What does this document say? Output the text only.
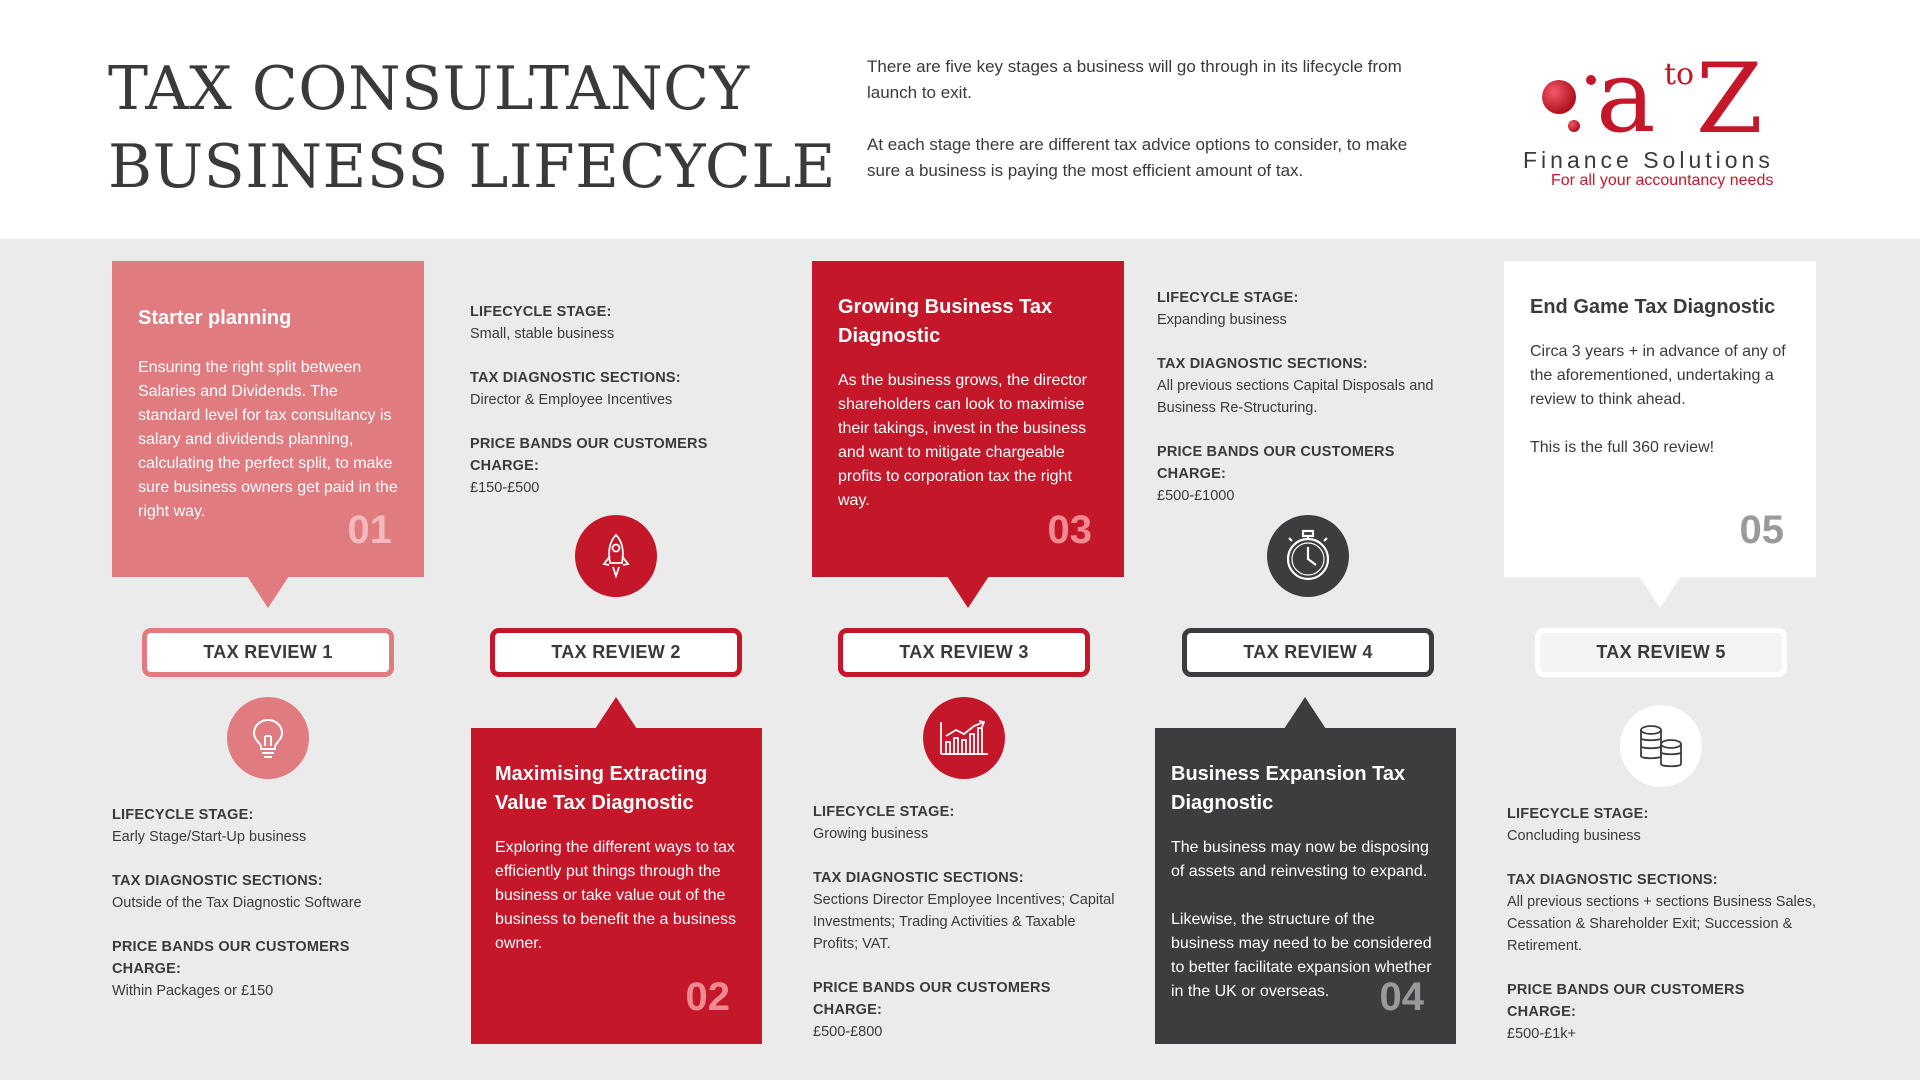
TAX CONSULTANCY
BUSINESS LIFECYCLE

There are five key stages a business will go through in its lifecycle from launch to exit.

At each stage there are different tax advice options to consider, to make sure a business is paying the most efficient amount of tax.

a to Z
Finance Solutions
For all your accountancy needs
Starter planning

Ensuring the right split between Salaries and Dividends. The standard level for tax consultancy is salary and dividends planning, calculating the perfect split, to make sure business owners get paid in the right way.	01
Growing Business Tax Diagnostic

As the business grows, the director shareholders can look to maximise their takings, invest in the business and want to mitigate chargeable profits to corporation tax the right way.

03
End Game Tax Diagnostic

Circa 3 years + in advance of any of the aforementioned, undertaking a review to think ahead.

This is the full 360 review!

05
Maximising Extracting Value Tax Diagnostic

Exploring the different ways to tax efficiently put things through the business or take value out of the business to benefit the a business owner.

02
Business Expansion Tax Diagnostic

The business may now be disposing of assets and reinvesting to expand.

Likewise, the structure of the business may need to be considered to better facilitate expansion whether in the UK or overseas.	04
TAX REVIEW 1	TAX REVIEW 2	TAX REVIEW 3	TAX REVIEW 4	TAX REVIEW 5
LIFECYCLE STAGE:
Early Stage/Start-Up business
TAX DIAGNOSTIC SECTIONS:
Outside of the Tax Diagnostic Software
PRICE BANDS OUR CUSTOMERS CHARGE:
Within Packages or £150
LIFECYCLE STAGE:
Small, stable business
TAX DIAGNOSTIC SECTIONS:
Director & Employee Incentives
PRICE BANDS OUR CUSTOMERS CHARGE:
£150-£500
LIFECYCLE STAGE:
Growing business
TAX DIAGNOSTIC SECTIONS:
Sections Director Employee Incentives; Capital Investments; Trading Activities & Taxable Profits; VAT.
PRICE BANDS OUR CUSTOMERS CHARGE:
£500-£800
LIFECYCLE STAGE:
Expanding business
TAX DIAGNOSTIC SECTIONS:
All previous sections Capital Disposals and Business Re-Structuring.
PRICE BANDS OUR CUSTOMERS CHARGE:
£500-£1000
LIFECYCLE STAGE:
Concluding business
TAX DIAGNOSTIC SECTIONS:
All previous sections + sections Business Sales, Cessation & Shareholder Exit; Succession & Retirement.
PRICE BANDS OUR CUSTOMERS CHARGE:
£500-£1k+
